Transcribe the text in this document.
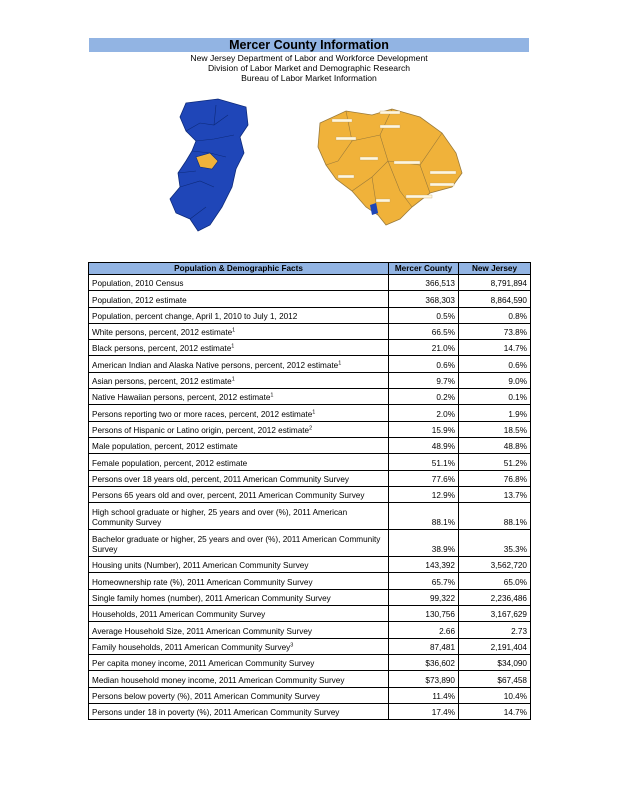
Mercer County Information
New Jersey Department of Labor and Workforce Development
Division of Labor Market and Demographic Research
Bureau of Labor Market Information
Population & Demographic Facts	Mercer County	New Jersey
Population, 2010 Census	366,513	8,791,894
Population, 2012 estimate	368,303	8,864,590
Population, percent change, April 1, 2010 to July 1, 2012	0.5%	0.8%
White persons, percent, 2012 estimate$^1$	66.5%	73.8%
Black persons, percent, 2012 estimate$^1$	21.0%	14.7%
American Indian and Alaska Native persons, percent, 2012 estimate$^1$	0.6%	0.6%
Asian persons, percent, 2012 estimate$^1$	9.7%	9.0%
Native Hawaiian persons, percent, 2012 estimate$^1$	0.2%	0.1%
Persons reporting two or more races, percent, 2012 estimate$^1$	2.0%	1.9%
Persons of Hispanic or Latino origin, percent, 2012 estimate$^2$	15.9%	18.5%
Male population, percent, 2012 estimate	48.9%	48.8%
Female population, percent, 2012 estimate	51.1%	51.2%
Persons over 18 years old, percent, 2011 American Community Survey	77.6%	76.8%
Persons 65 years old and over, percent, 2011 American Community Survey	12.9%	13.7%
High school graduate or higher, 25 years and over (%), 2011 American Community Survey	88.1%	88.1%
Bachelor graduate or higher, 25 years and over (%), 2011 American Community Survey	38.9%	35.3%
Housing units (Number), 2011 American Community Survey	143,392	3,562,720
Homeownership rate (%), 2011 American Community Survey	65.7%	65.0%
Single family homes (number), 2011 American Community Survey	99,322	2,236,486
Households, 2011 American Community Survey	130,756	3,167,629
Average Household Size, 2011 American Community Survey	2.66	2.73
Family households, 2011 American Community Survey$^3$	87,481	2,191,404
Per capita money income, 2011 American Community Survey	$36,602	$34,090
Median household money income, 2011 American Community Survey	$73,890	$67,458
Persons below poverty (%), 2011 American Community Survey	11.4%	10.4%
Persons under 18 in poverty (%), 2011 American Community Survey	17.4%	14.7%
